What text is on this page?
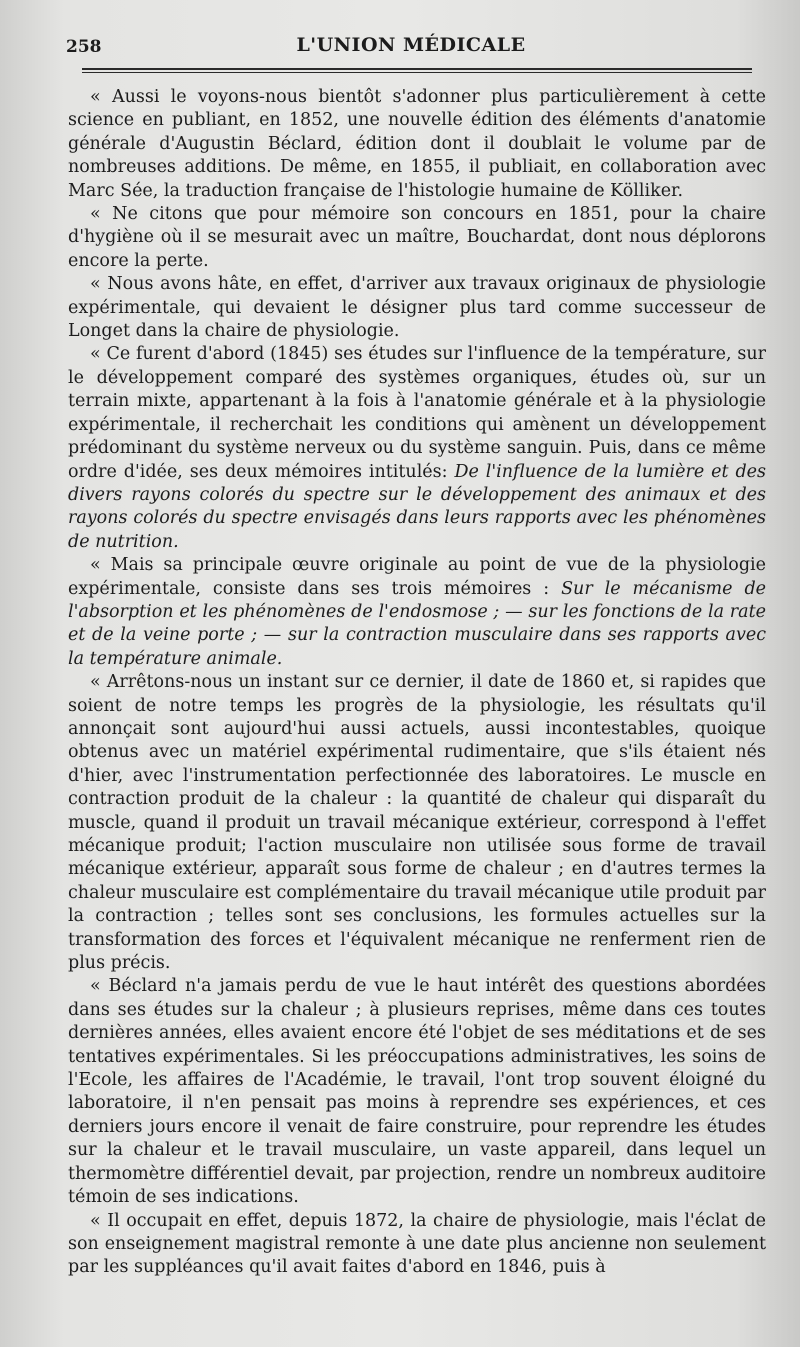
258	L'UNION MÉDICALE

« Aussi le voyons-nous bientôt s'adonner plus particulièrement à cette science en publiant, en 1852, une nouvelle édition des éléments d'anatomie générale d'Augustin Béclard, édition dont il doublait le volume par de nombreuses additions. De même, en 1855, il publiait, en collaboration avec Marc Sée, la traduction française de l'histologie humaine de Kölliker.

« Ne citons que pour mémoire son concours en 1851, pour la chaire d'hygiène où il se mesurait avec un maître, Bouchardat, dont nous déplorons encore la perte.

« Nous avons hâte, en effet, d'arriver aux travaux originaux de physiologie expérimentale, qui devaient le désigner plus tard comme successeur de Longet dans la chaire de physiologie.

« Ce furent d'abord (1845) ses études sur l'influence de la température, sur le développement comparé des systèmes organiques, études où, sur un terrain mixte, appartenant à la fois à l'anatomie générale et à la physiologie expérimentale, il recherchait les conditions qui amènent un développement prédominant du système nerveux ou du système sanguin. Puis, dans ce même ordre d'idée, ses deux mémoires intitulés: De l'influence de la lumière et des divers rayons colorés du spectre sur le développement des animaux et des rayons colorés du spectre envisagés dans leurs rapports avec les phénomènes de nutrition.

« Mais sa principale œuvre originale au point de vue de la physiologie expérimentale, consiste dans ses trois mémoires : Sur le mécanisme de l'absorption et les phénomènes de l'endosmose ; — sur les fonctions de la rate et de la veine porte ; — sur la contraction musculaire dans ses rapports avec la température animale.

« Arrêtons-nous un instant sur ce dernier, il date de 1860 et, si rapides que soient de notre temps les progrès de la physiologie, les résultats qu'il annonçait sont aujourd'hui aussi actuels, aussi incontestables, quoique obtenus avec un matériel expérimental rudimentaire, que s'ils étaient nés d'hier, avec l'instrumentation perfectionnée des laboratoires. Le muscle en contraction produit de la chaleur : la quantité de chaleur qui disparaît du muscle, quand il produit un travail mécanique extérieur, correspond à l'effet mécanique produit; l'action musculaire non utilisée sous forme de travail mécanique extérieur, apparaît sous forme de chaleur ; en d'autres termes la chaleur musculaire est complémentaire du travail mécanique utile produit par la contraction ; telles sont ses conclusions, les formules actuelles sur la transformation des forces et l'équivalent mécanique ne renferment rien de plus précis.

« Béclard n'a jamais perdu de vue le haut intérêt des questions abordées dans ses études sur la chaleur ; à plusieurs reprises, même dans ces toutes dernières années, elles avaient encore été l'objet de ses méditations et de ses tentatives expérimentales. Si les préoccupations administratives, les soins de l'Ecole, les affaires de l'Académie, le travail, l'ont trop souvent éloigné du laboratoire, il n'en pensait pas moins à reprendre ses expériences, et ces derniers jours encore il venait de faire construire, pour reprendre les études sur la chaleur et le travail musculaire, un vaste appareil, dans lequel un thermomètre différentiel devait, par projection, rendre un nombreux auditoire témoin de ses indications.

« Il occupait en effet, depuis 1872, la chaire de physiologie, mais l'éclat de son enseignement magistral remonte à une date plus ancienne non seulement par les suppléances qu'il avait faites d'abord en 1846, puis à
